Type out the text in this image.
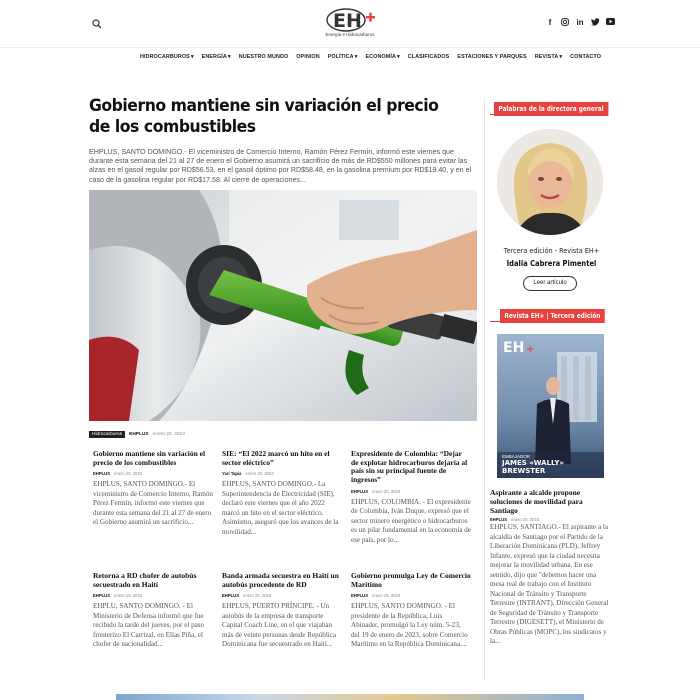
EH
Energía e Hidrocarburos
f	in
HIDROCARBUROS ▾ ENERGÍA ▾ NUESTRO MUNDO OPINION POLÍTICA ▾ ECONOMÍA ▾ CLASIFICADOS ESTACIONES Y PARQUES REVISTA ▾ CONTACTO
Gobierno mantiene sin variación el precio de los combustibles

EHPLUS, SANTO DOMINGO.- El viceministro de Comercio Interno, Ramón Pérez Fermín, informó este viernes que durante esta semana del 21 al 27 de enero el Gobierno asumirá un sacrificio de más de RD$550 millones para evitar las alzas en el gasoil regular por RD$56.53, en el gasoil óptimo por RD$58.48, en la gasolina premium por RD$19.40, y en el caso de la gasolina regular por RD$17.58. Al cierre de operaciones...

Hidrocarburos	EHPLUS enero 20, 2023
Gobierno mantiene sin variación el precio de los combustibles
EHPLUS enero 20, 2023
EHPLUS, SANTO DOMINGO.- El viceministro de Comercio Interno, Ramón Pérez Fermín, informó este viernes que durante esta semana del 21 al 27 de enero el Gobierno asumirá un sacrificio...
SIE: “El 2022 marcó un hito en el sector eléctrico”
Yari Tapia enero 20, 2023
EHPLUS, SANTO DOMINGO.- La Superintendencia de Electricidad (SIE), declaró este viernes que el año 2022 marcó un hito en el sector eléctrico. Asimismo, aseguró que los avances de la movilidad...
Expresidente de Colombia: “Dejar de explotar hidrocarburos dejaría al país sin su principal fuente de ingresos”
EHPLUS enero 20, 2023
EHPLUS, COLOMBIA. - El expresidente de Colombia, Iván Duque, expresó que el sector minero energético o hidrocarburos es un pilar fundamental en la economía de ese país, por lo...
Retorna a RD chofer de autobús secuestrado en Haití
EHPLUS enero 19, 2023
EHPLU, SANTO DOMINGO. - El Ministerio de Defensa informó que fue recibido la tarde del jueves, por el paso fronterizo El Carrizal, en Elías Piña, el chofer de nacionalidad...
Banda armada secuestra en Haití un autobús procedente de RD
EHPLUS enero 20, 2023
EHPLUS, PUERTO PRÍNCIPE. - Un autobús de la empresa de transporte Capital Coach Line, en el que viajaban más de veinte personas desde República Dominicana fue secuestrado en Haití...
Gobierno promulga Ley de Comercio Marítimo
EHPLUS enero 19, 2023
EHPLUS, SANTO DOMINGO. - El presidente de la República, Luis Abinader, promulgó la Ley núm. 5-23, del 19 de enero de 2023, sobre Comercio Marítimo en la República Dominicana....
Palabras de la directora general
Tercera edición - Revista EH+
Idalia Cabrera Pimentel
Leer artículo
Revista EH+ | Tercera edición
EH +
EMBAJADOR
JAMES «WALLY» BREWSTER
Aspirante a alcalde propone soluciones de movilidad para Santiago
EHPLUS enero 20, 2023
EHPLUS, SANTIAGO.- El aspirante a la alcaldía de Santiago por el Partido de la Liberación Dominicana (PLD), Jeffrey Infante, expresó que la ciudad necesita mejorar la movilidad urbana. En ese sentido, dijo que "debemos hacer una mesa real de trabajo con el Instituto Nacional de Tránsito y Transporte Terrestre (INTRANT), Dirección General de Seguridad de Tránsito y Transporte Terrestre (DIGESETT), el Ministerio de Obras Públicas (MOPC), los sindicatos y la...
